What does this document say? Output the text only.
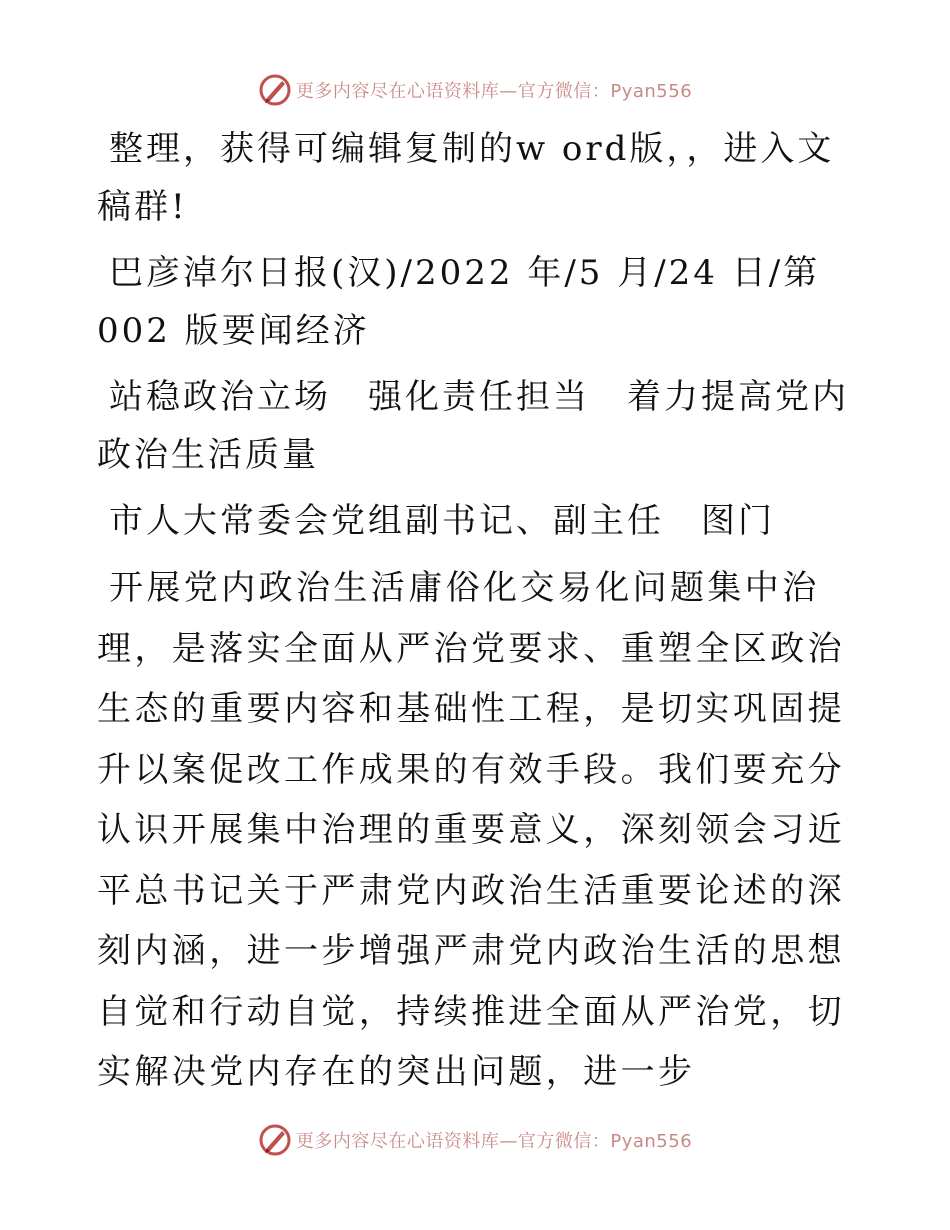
更多内容尽在心语资料库—官方微信：Pyan556

整理，获得可编辑复制的w ord版，，进入文稿群!

巴彦淖尔日报(汉)/2022 年/5 月/24 日/第 002 版要闻经济

站稳政治立场　强化责任担当　着力提高党内政治生活质量

市人大常委会党组副书记、副主任　图门

开展党内政治生活庸俗化交易化问题集中治理，是落实全面从严治党要求、重塑全区政治生态的重要内容和基础性工程，是切实巩固提升以案促改工作成果的有效手段。我们要充分认识开展集中治理的重要意义，深刻领会习近平总书记关于严肃党内政治生活重要论述的深刻内涵，进一步增强严肃党内政治生活的思想自觉和行动自觉，持续推进全面从严治党，切实解决党内存在的突出问题，进一步

更多内容尽在心语资料库—官方微信：Pyan556
